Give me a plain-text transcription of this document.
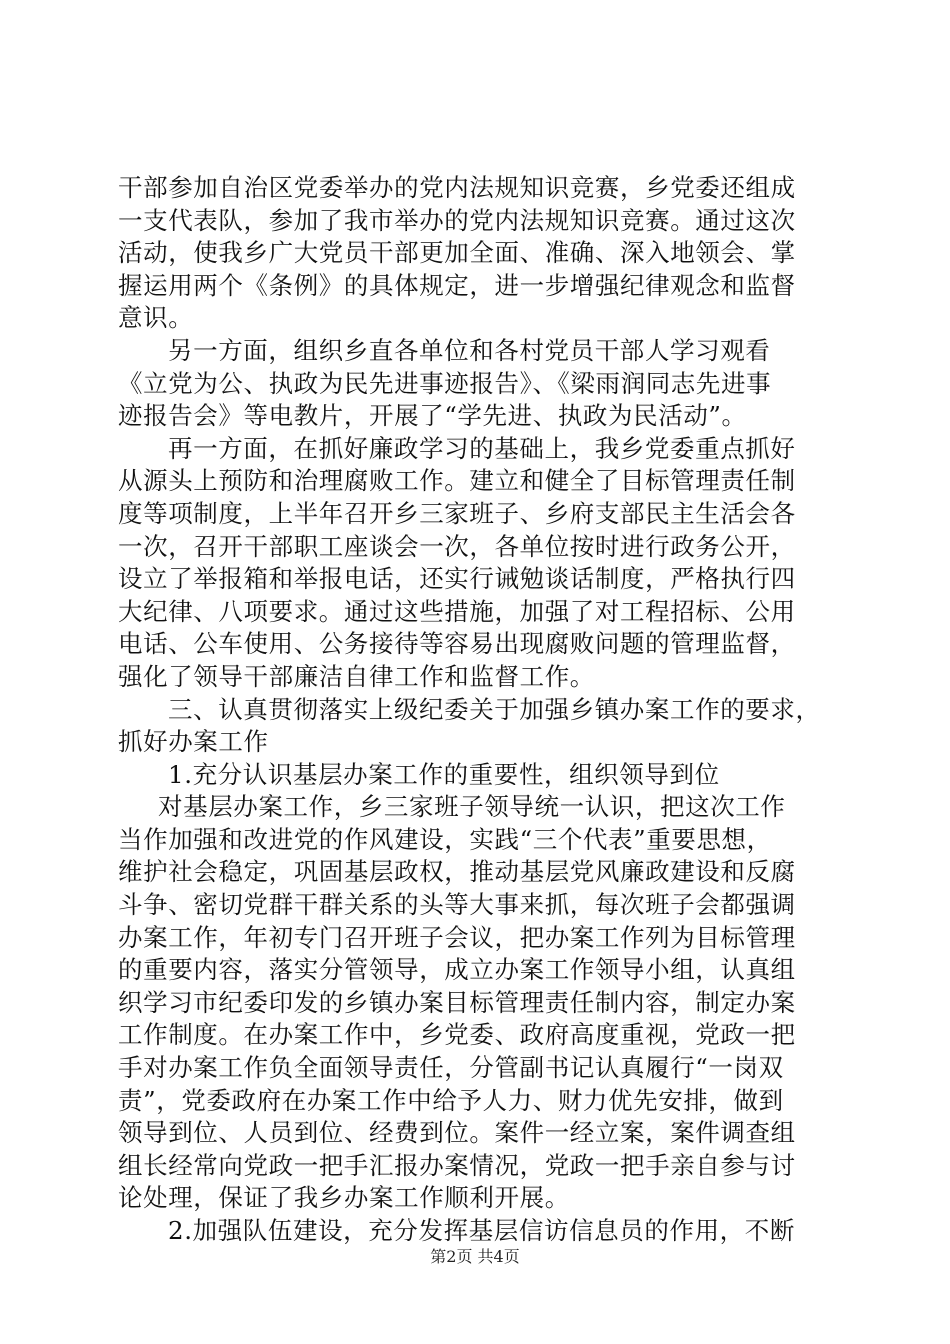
干部参加自治区党委举办的党内法规知识竞赛，乡党委还组成
一支代表队，参加了我市举办的党内法规知识竞赛。通过这次
活动，使我乡广大党员干部更加全面、准确、深入地领会、掌
握运用两个《条例》的具体规定，进一步增强纪律观念和监督
意识。
另一方面，组织乡直各单位和各村党员干部人学习观看
《立党为公、执政为民先进事迹报告》、《梁雨润同志先进事
迹报告会》等电教片，开展了“学先进、执政为民活动”。
再一方面，在抓好廉政学习的基础上，我乡党委重点抓好
从源头上预防和治理腐败工作。建立和健全了目标管理责任制
度等项制度，上半年召开乡三家班子、乡府支部民主生活会各
一次，召开干部职工座谈会一次，各单位按时进行政务公开，
设立了举报箱和举报电话，还实行诫勉谈话制度，严格执行四
大纪律、八项要求。通过这些措施，加强了对工程招标、公用
电话、公车使用、公务接待等容易出现腐败问题的管理监督，
强化了领导干部廉洁自律工作和监督工作。
三、认真贯彻落实上级纪委关于加强乡镇办案工作的要求，
抓好办案工作
1.充分认识基层办案工作的重要性，组织领导到位
对基层办案工作，乡三家班子领导统一认识，把这次工作
当作加强和改进党的作风建设，实践“三个代表”重要思想，
维护社会稳定，巩固基层政权，推动基层党风廉政建设和反腐
斗争、密切党群干群关系的头等大事来抓，每次班子会都强调
办案工作，年初专门召开班子会议，把办案工作列为目标管理
的重要内容，落实分管领导，成立办案工作领导小组，认真组
织学习市纪委印发的乡镇办案目标管理责任制内容，制定办案
工作制度。在办案工作中，乡党委、政府高度重视，党政一把
手对办案工作负全面领导责任，分管副书记认真履行“一岗双
责”，党委政府在办案工作中给予人力、财力优先安排，做到
领导到位、人员到位、经费到位。案件一经立案，案件调查组
组长经常向党政一把手汇报办案情况，党政一把手亲自参与讨
论处理，保证了我乡办案工作顺利开展。
2.加强队伍建设，充分发挥基层信访信息员的作用，不断
第2页 共4页
